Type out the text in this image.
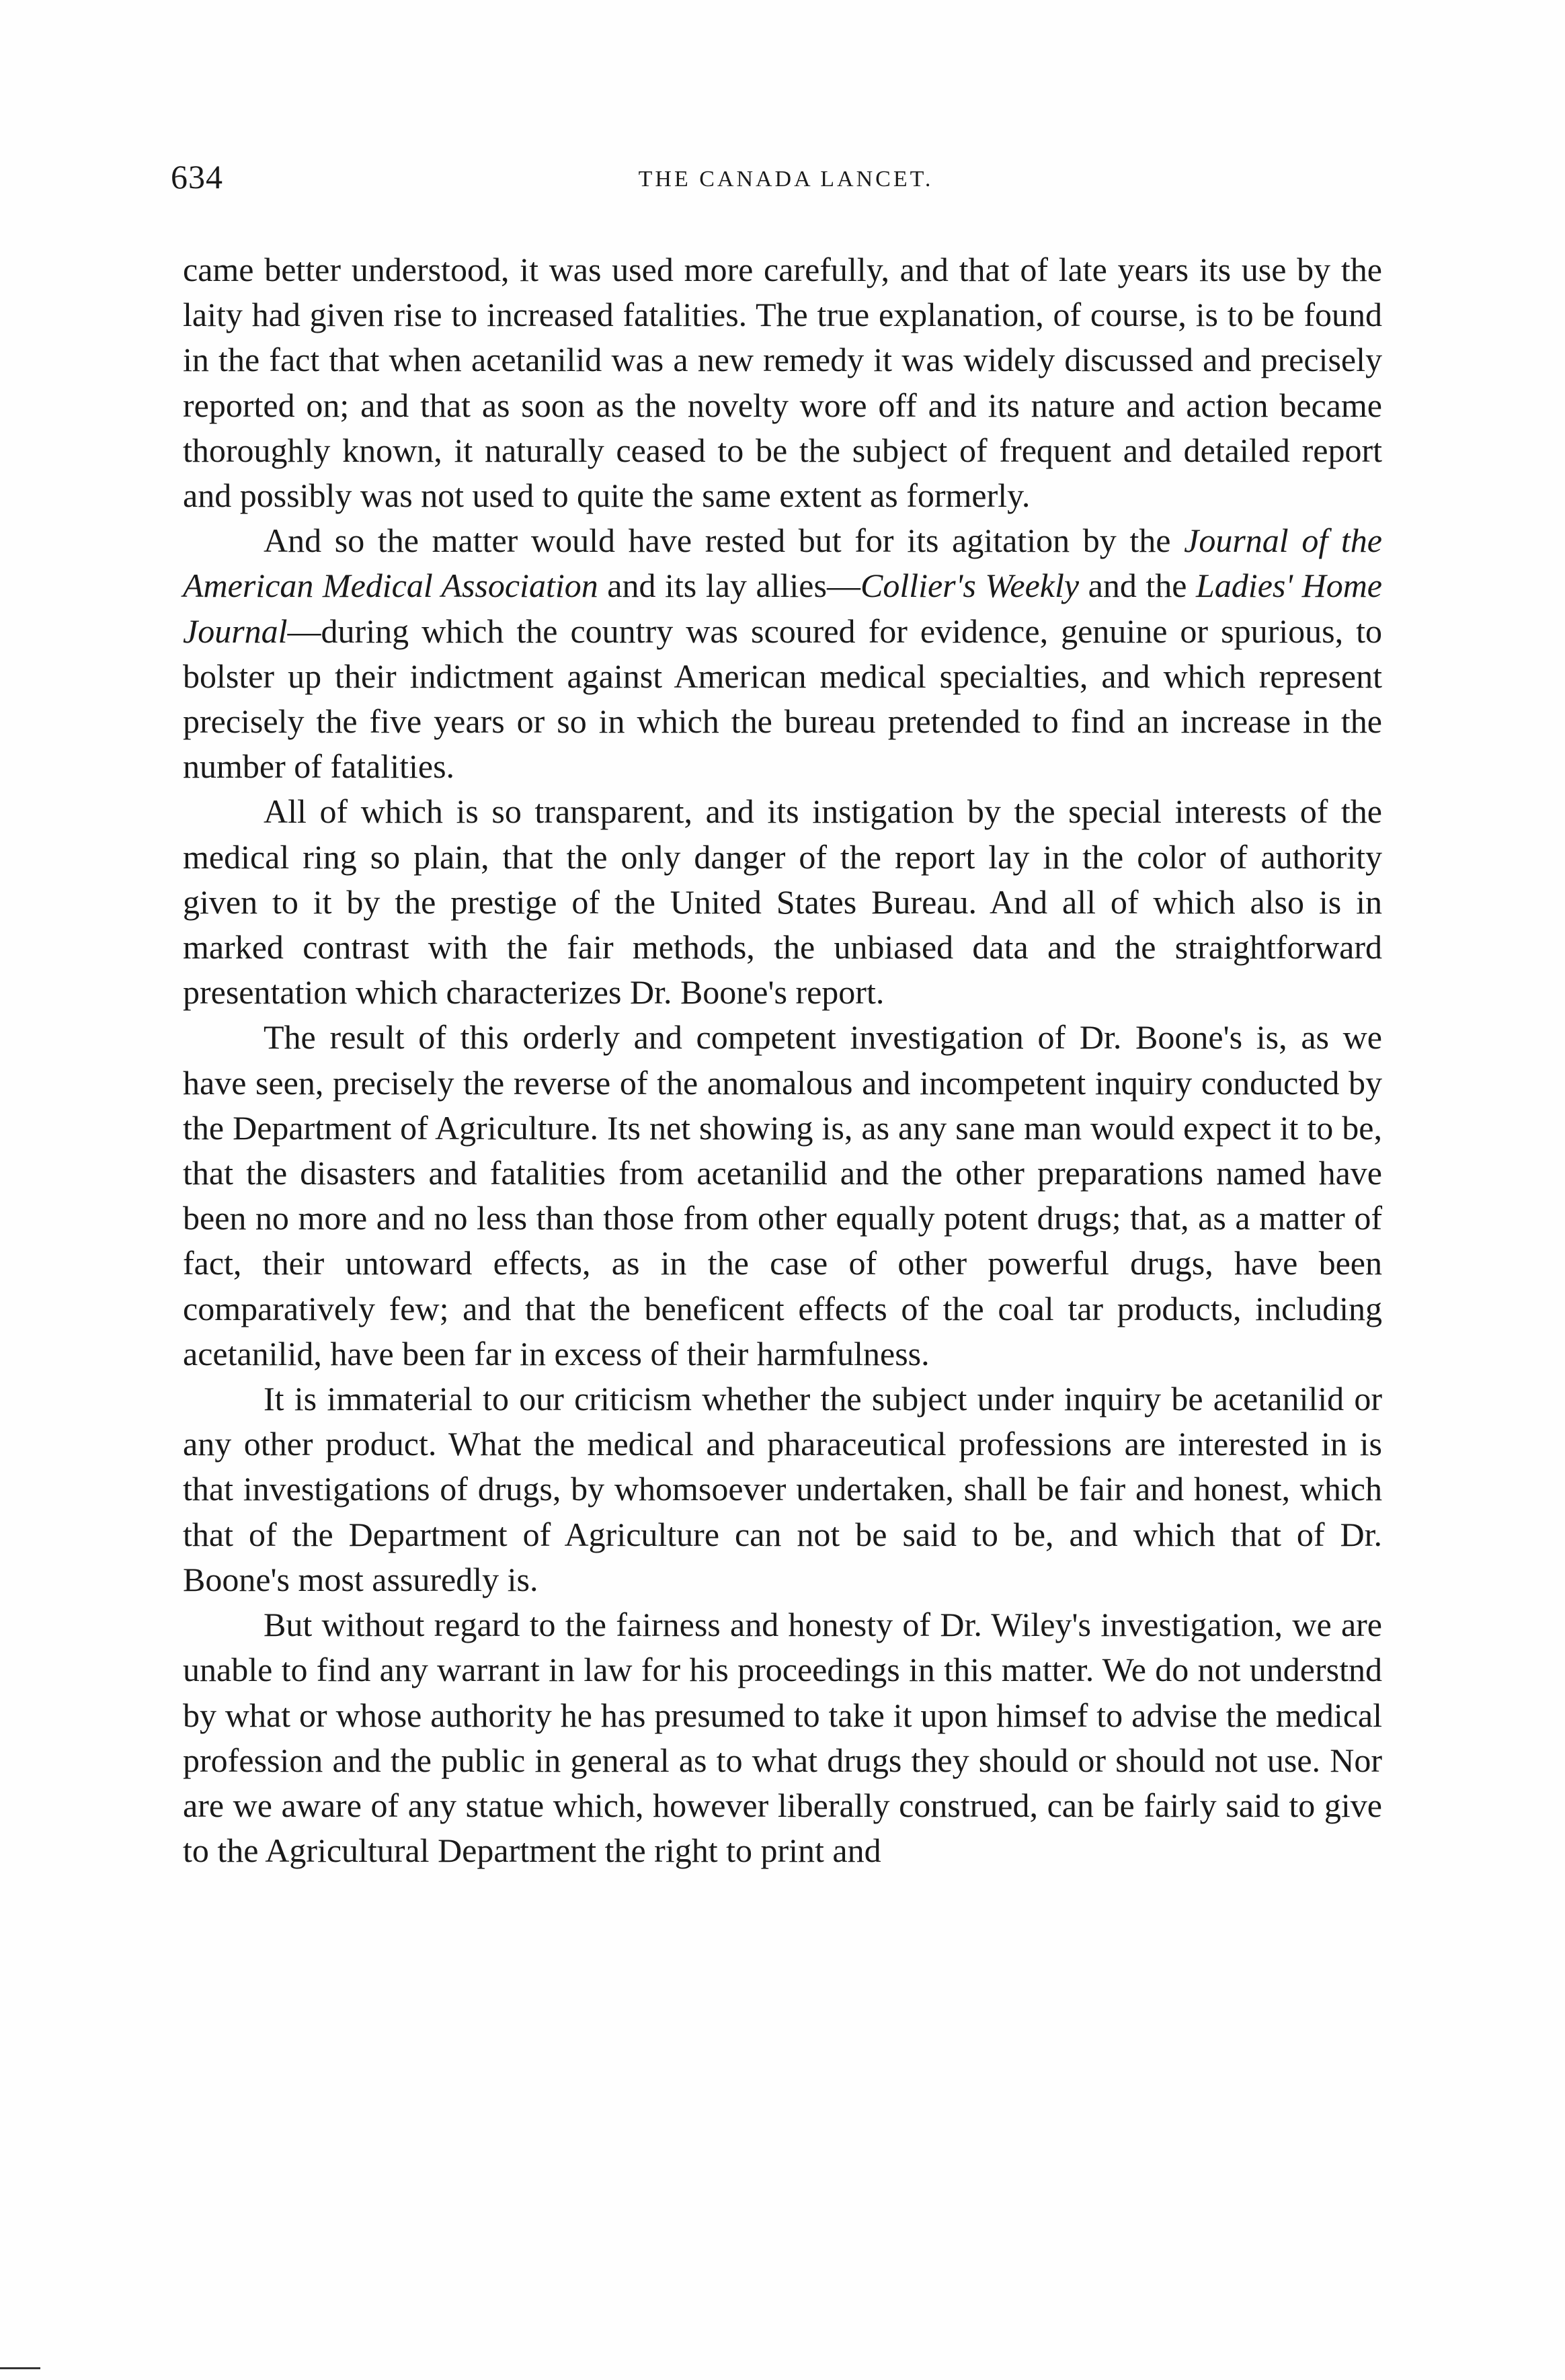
634	THE CANADA LANCET.

came better understood, it was used more carefully, and that of late years its use by the laity had given rise to increased fatalities. The true explanation, of course, is to be found in the fact that when acetanilid was a new remedy it was widely discussed and precisely reported on; and that as soon as the novelty wore off and its nature and action became thoroughly known, it naturally ceased to be the subject of frequent and detailed report and possibly was not used to quite the same extent as formerly.

And so the matter would have rested but for its agitation by the Journal of the American Medical Association and its lay allies—Collier's Weekly and the Ladies' Home Journal—during which the country was scoured for evidence, genuine or spurious, to bolster up their indictment against American medical specialties, and which represent precisely the five years or so in which the bureau pretended to find an increase in the number of fatalities.

All of which is so transparent, and its instigation by the special interests of the medical ring so plain, that the only danger of the report lay in the color of authority given to it by the prestige of the United States Bureau. And all of which also is in marked contrast with the fair methods, the unbiased data and the straightforward presentation which characterizes Dr. Boone's report.

The result of this orderly and competent investigation of Dr. Boone's is, as we have seen, precisely the reverse of the anomalous and incompetent inquiry conducted by the Department of Agriculture. Its net showing is, as any sane man would expect it to be, that the disasters and fatalities from acetanilid and the other preparations named have been no more and no less than those from other equally potent drugs; that, as a matter of fact, their untoward effects, as in the case of other powerful drugs, have been comparatively few; and that the beneficent effects of the coal tar products, including acetanilid, have been far in excess of their harmfulness.

It is immaterial to our criticism whether the subject under inquiry be acetanilid or any other product. What the medical and pharaceutical professions are interested in is that investigations of drugs, by whomsoever undertaken, shall be fair and honest, which that of the Department of Agriculture can not be said to be, and which that of Dr. Boone's most assuredly is.

But without regard to the fairness and honesty of Dr. Wiley's investigation, we are unable to find any warrant in law for his proceedings in this matter. We do not understnd by what or whose authority he has presumed to take it upon himsef to advise the medical profession and the public in general as to what drugs they should or should not use. Nor are we aware of any statue which, however liberally construed, can be fairly said to give to the Agricultural Department the right to print and
